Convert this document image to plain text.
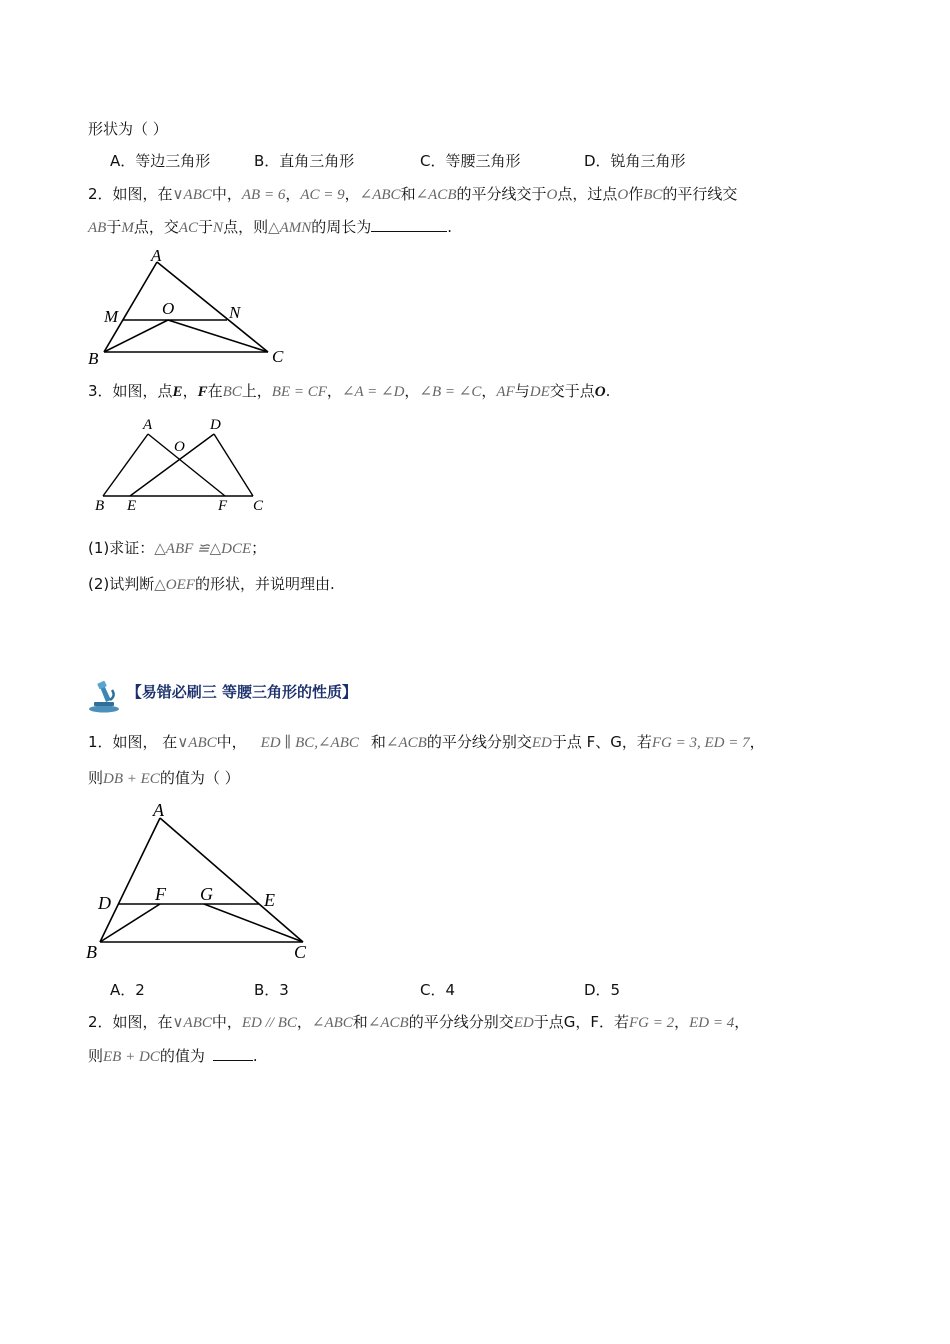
形状为（ ）
A．等边三角形	B．直角三角形	C．等腰三角形	D．锐角三角形
2．如图，在∨ABC中，AB = 6，AC = 9，∠ABC和∠ACB的平分线交于O点，过点O作BC的平行线交
AB于M点，交AC于N点，则△AMN的周长为	.
A
M	O	N
B	C
3．如图，点E，F在BC上，BE = CF，∠A = ∠D，∠B = ∠C，AF与DE交于点O.
A	D
O
B E	F C
(1)求证：△ABF ≌△DCE；
(2)试判断△OEF的形状，并说明理由.
【易错必刷三 等腰三角形的性质】
1．如图， 在∨ABC中， ED ∥ BC,∠ABC 和∠ACB的平分线分别交ED于点 F、G，若FG = 3, ED = 7，
则DB + EC的值为（ ）
A
D F G	E
B	C
A．2	B．3	C．4	D．5
2．如图，在∨ABC中，ED // BC，∠ABC和∠ACB的平分线分别交ED于点G，F．若FG = 2，ED = 4，
则EB + DC的值为	.
